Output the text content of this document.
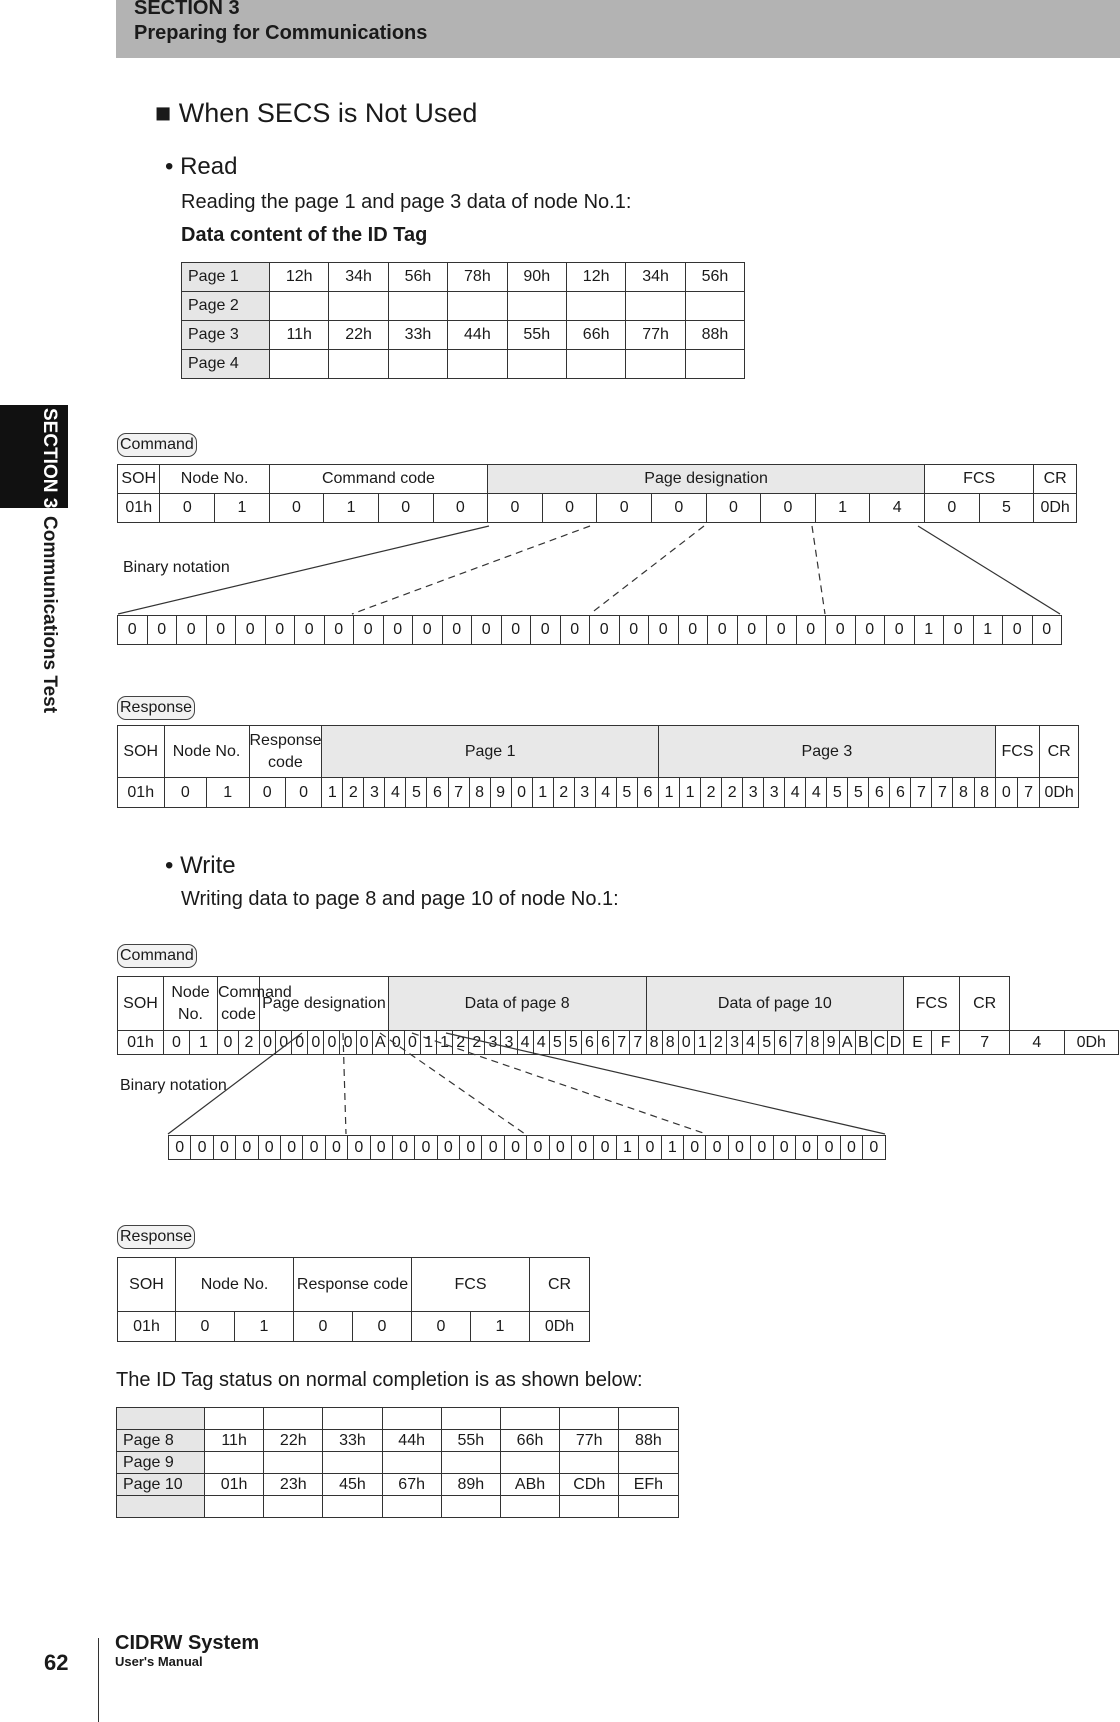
SECTION 3
Preparing for Communications
SECTION 3
Communications Test
■ When SECS is Not Used
• Read
Reading the page 1 and page 3 data of node No.1:
Data content of the ID Tag
Page 1	12h	34h	56h	78h	90h	12h	34h	56h
Page 2								
Page 3	11h	22h	33h	44h	55h	66h	77h	88h
Page 4								
Command
SOH	Node No.		Command code				Page designation								FCS		CR
01h	0	1	0	1	0	0	0	0	0	0	0	0	1	4	0	5	0Dh
Binary notation
0	0	0	0	0	0	0	0	0	0	0	0	0	0	0	0	0	0	0	0	0	0	0	0	0	0	0	1	0	1	0	0
Response
SOH	Node No.		Response code		Page 1																Page 3																FCS		CR
01h	0	1	0	0	1	2	3	4	5	6	7	8	9	0	1	2	3	4	5	6	1	1	2	2	3	3	4	4	5	5	6	6	7	7	8	8	0	7	0Dh
• Write
Writing data to page 8 and page 10 of node No.1:
Command
SOH	Node No.		Command code		Page designation								Data of page 8																Data of page 10																FCS		CR		
01h	0	1	0	2	0	0	0	0	0	0	0	A	0	0	1	1	2	2	3	3	4	4	5	5	6	6	7	7	8	8	0	1	2	3	4	5	6	7	8	9	A	B	C	D	E	F	7	4	0Dh
Binary notation
0	0	0	0	0	0	0	0	0	0	0	0	0	0	0	0	0	0	0	0	1	0	1	0	0	0	0	0	0	0	0	0
Response
SOH	Node No.		Response code		FCS		CR
01h	0	1	0	0	0	1	0Dh
The ID Tag status on normal completion is as shown below:

Page 8	11h	22h	33h	44h	55h	66h	77h	88h
Page 9								
Page 10	01h	23h	45h	67h	89h	ABh	CDh	EFh

62
CIDRW System
User's Manual
